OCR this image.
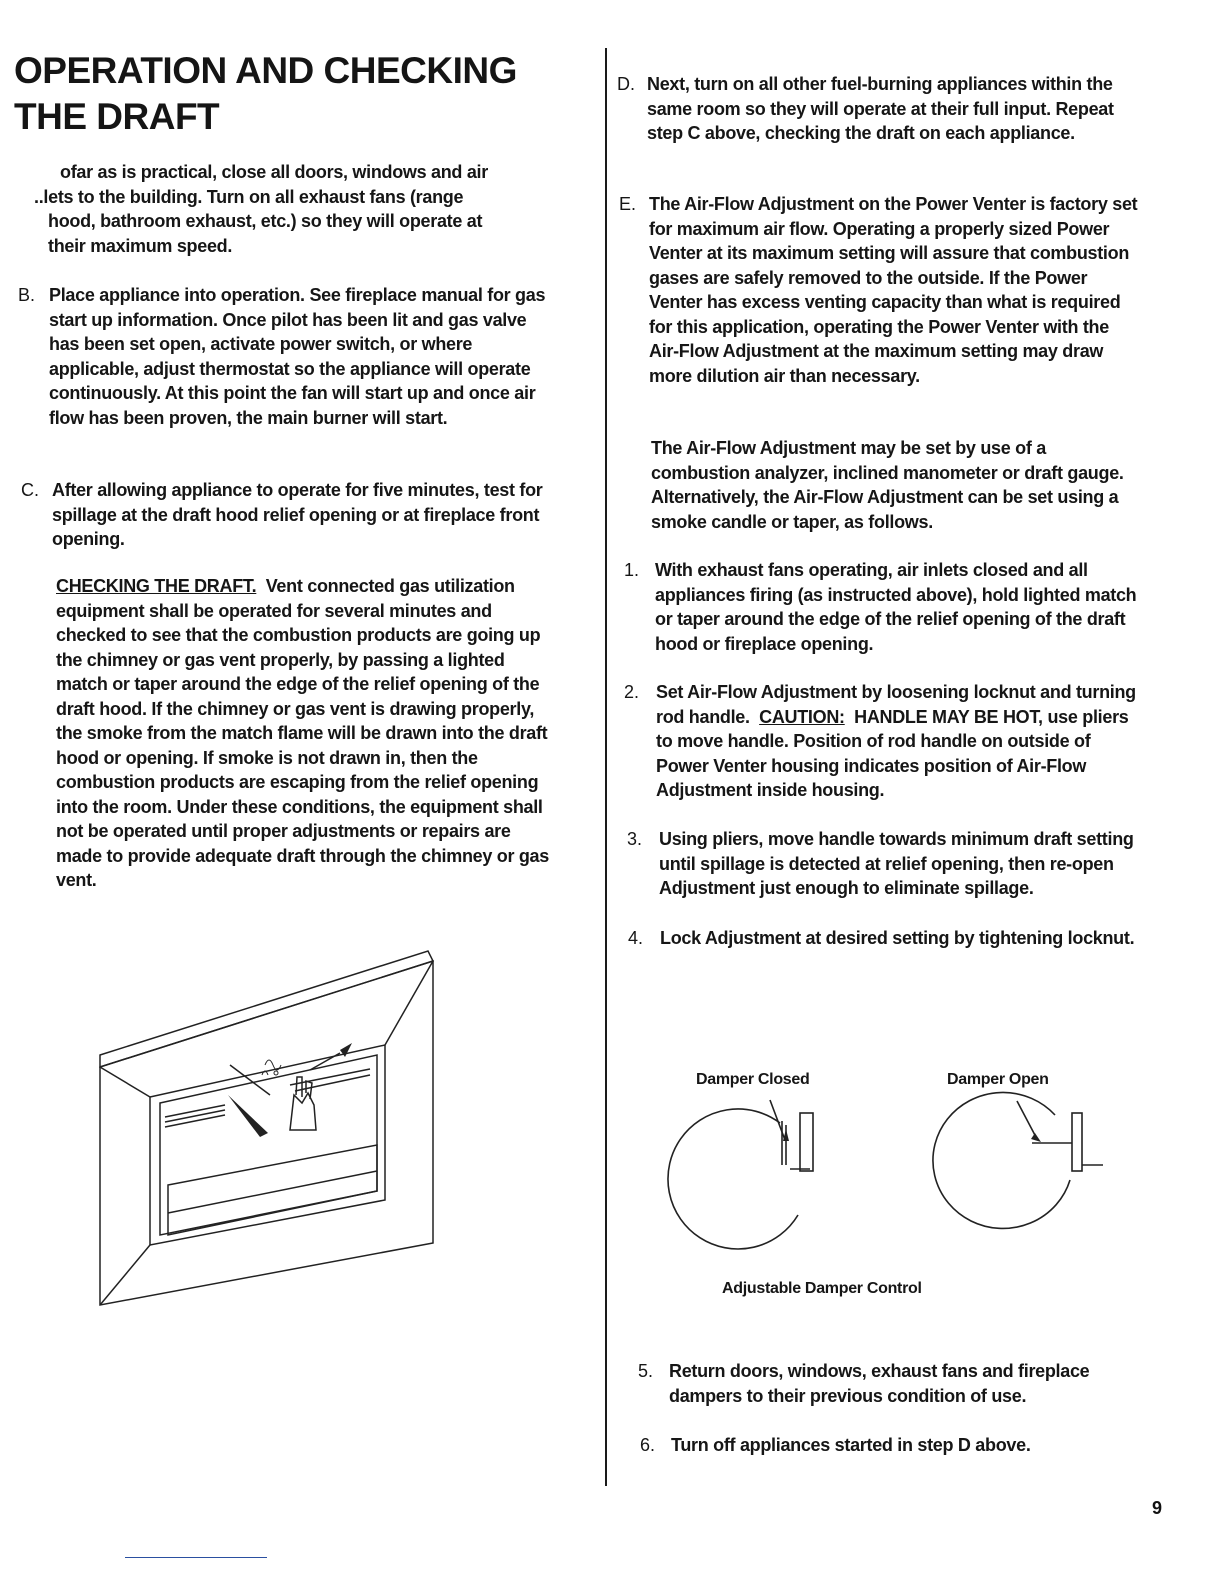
OPERATION AND CHECKING
THE DRAFT
ofar as is practical, close all doors, windows and air
..lets to the building. Turn on all exhaust fans (range
hood, bathroom exhaust, etc.) so they will operate at
their maximum speed.
B. Place appliance into operation. See fireplace manual for gas start up information. Once pilot has been lit and gas valve has been set open, activate power switch, or where applicable, adjust thermostat so the appliance will operate continuously. At this point the fan will start up and once air flow has been proven, the main burner will start.

C. After allowing appliance to operate for five minutes, test for spillage at the draft hood relief opening or at fireplace front opening.

CHECKING THE DRAFT. Vent connected gas utilization equipment shall be operated for several minutes and checked to see that the combustion products are going up the chimney or gas vent properly, by passing a lighted match or taper around the edge of the relief opening of the draft hood. If the chimney or gas vent is drawing properly, the smoke from the match flame will be drawn into the draft hood or opening. If smoke is not drawn in, then the combustion products are escaping from the relief opening into the room. Under these conditions, the equipment shall not be operated until proper adjustments or repairs are made to provide adequate draft through the chimney or gas vent.

D. Next, turn on all other fuel-burning appliances within the same room so they will operate at their full input. Repeat step C above, checking the draft on each appliance.

E. The Air-Flow Adjustment on the Power Venter is factory set for maximum air flow. Operating a properly sized Power Venter at its maximum setting will assure that combustion gases are safely removed to the outside. If the Power Venter has excess venting capacity than what is required for this application, operating the Power Venter with the Air-Flow Adjustment at the maximum setting may draw more dilution air than necessary.

The Air-Flow Adjustment may be set by use of a combustion analyzer, inclined manometer or draft gauge. Alternatively, the Air-Flow Adjustment can be set using a smoke candle or taper, as follows.

1. With exhaust fans operating, air inlets closed and all appliances firing (as instructed above), hold lighted match or taper around the edge of the relief opening of the draft hood or fireplace opening.

2. Set Air-Flow Adjustment by loosening locknut and turning rod handle. CAUTION: HANDLE MAY BE HOT, use pliers to move handle. Position of rod handle on outside of Power Venter housing indicates position of Air-Flow Adjustment inside housing.

3. Using pliers, move handle towards minimum draft setting until spillage is detected at relief opening, then re-open Adjustment just enough to eliminate spillage.

4. Lock Adjustment at desired setting by tightening locknut.

Damper Closed	Damper Open
Adjustable Damper Control
5. Return doors, windows, exhaust fans and fireplace dampers to their previous condition of use.

6. Turn off appliances started in step D above.

9
